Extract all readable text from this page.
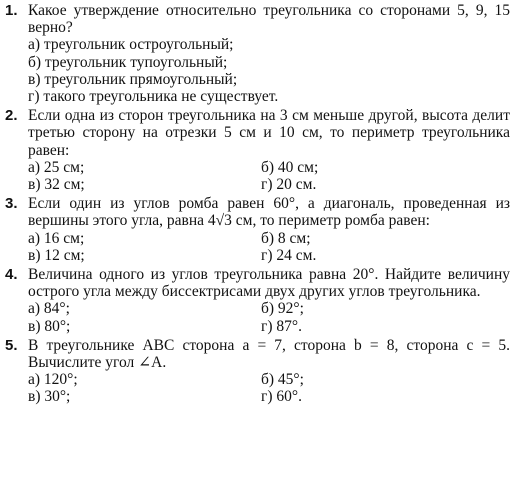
1. Какое утверждение относительно треугольника со сторонами 5, 9, 15 верно?
а) треугольник остроугольный;
б) треугольник тупоугольный;
в) треугольник прямоугольный;
г) такого треугольника не существует.
2. Если одна из сторон треугольника на 3 см меньше другой, высота делит третью сторону на отрезки 5 см и 10 см, то периметр треугольника равен:
а) 25 см;	б) 40 см;
в) 32 см;	г) 20 см.
3. Если один из углов ромба равен 60°, а диагональ, проведенная из вершины этого угла, равна 4√3 см, то периметр ромба равен:
а) 16 см;	б) 8 см;
в) 12 см;	г) 24 см.
4. Величина одного из углов треугольника равна 20°. Найдите величину острого угла между биссектрисами двух других углов треугольника.
а) 84°;	б) 92°;
в) 80°;	г) 87°.
5. В треугольнике ABC сторона a = 7, сторона b = 8, сторона c = 5. Вычислите угол ∠A.
а) 120°;	б) 45°;
в) 30°;	г) 60°.
